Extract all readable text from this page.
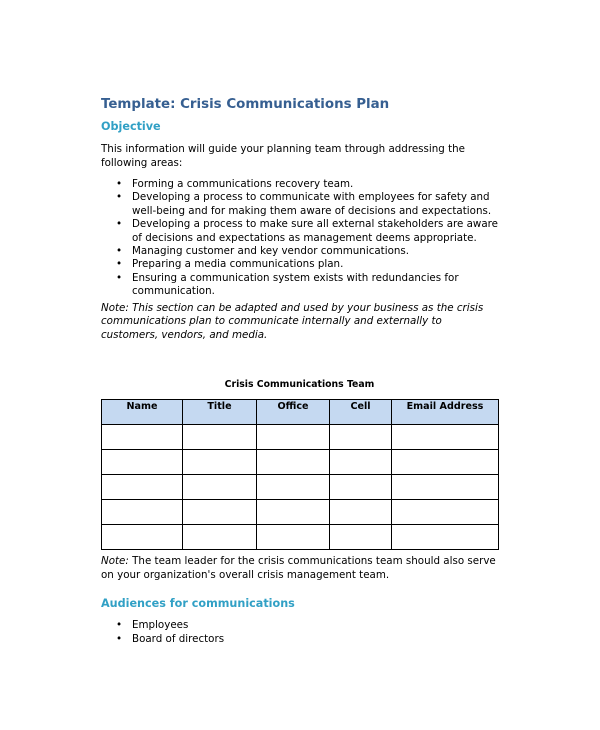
Template: Crisis Communications Plan
Objective

This information will guide your planning team through addressing the
following areas:

• Forming a communications recovery team.
• Developing a process to communicate with employees for safety and
well-being and for making them aware of decisions and expectations.
• Developing a process to make sure all external stakeholders are aware
of decisions and expectations as management deems appropriate.
• Managing customer and key vendor communications.
• Preparing a media communications plan.
• Ensuring a communication system exists with redundancies for
communication.

Note: This section can be adapted and used by your business as the crisis
communications plan to communicate internally and externally to
customers, vendors, and media.

Crisis Communications Team
Name	Title	Office	Cell	Email Address

Note: The team leader for the crisis communications team should also serve
on your organization's overall crisis management team.

Audiences for communications
• Employees
• Board of directors
